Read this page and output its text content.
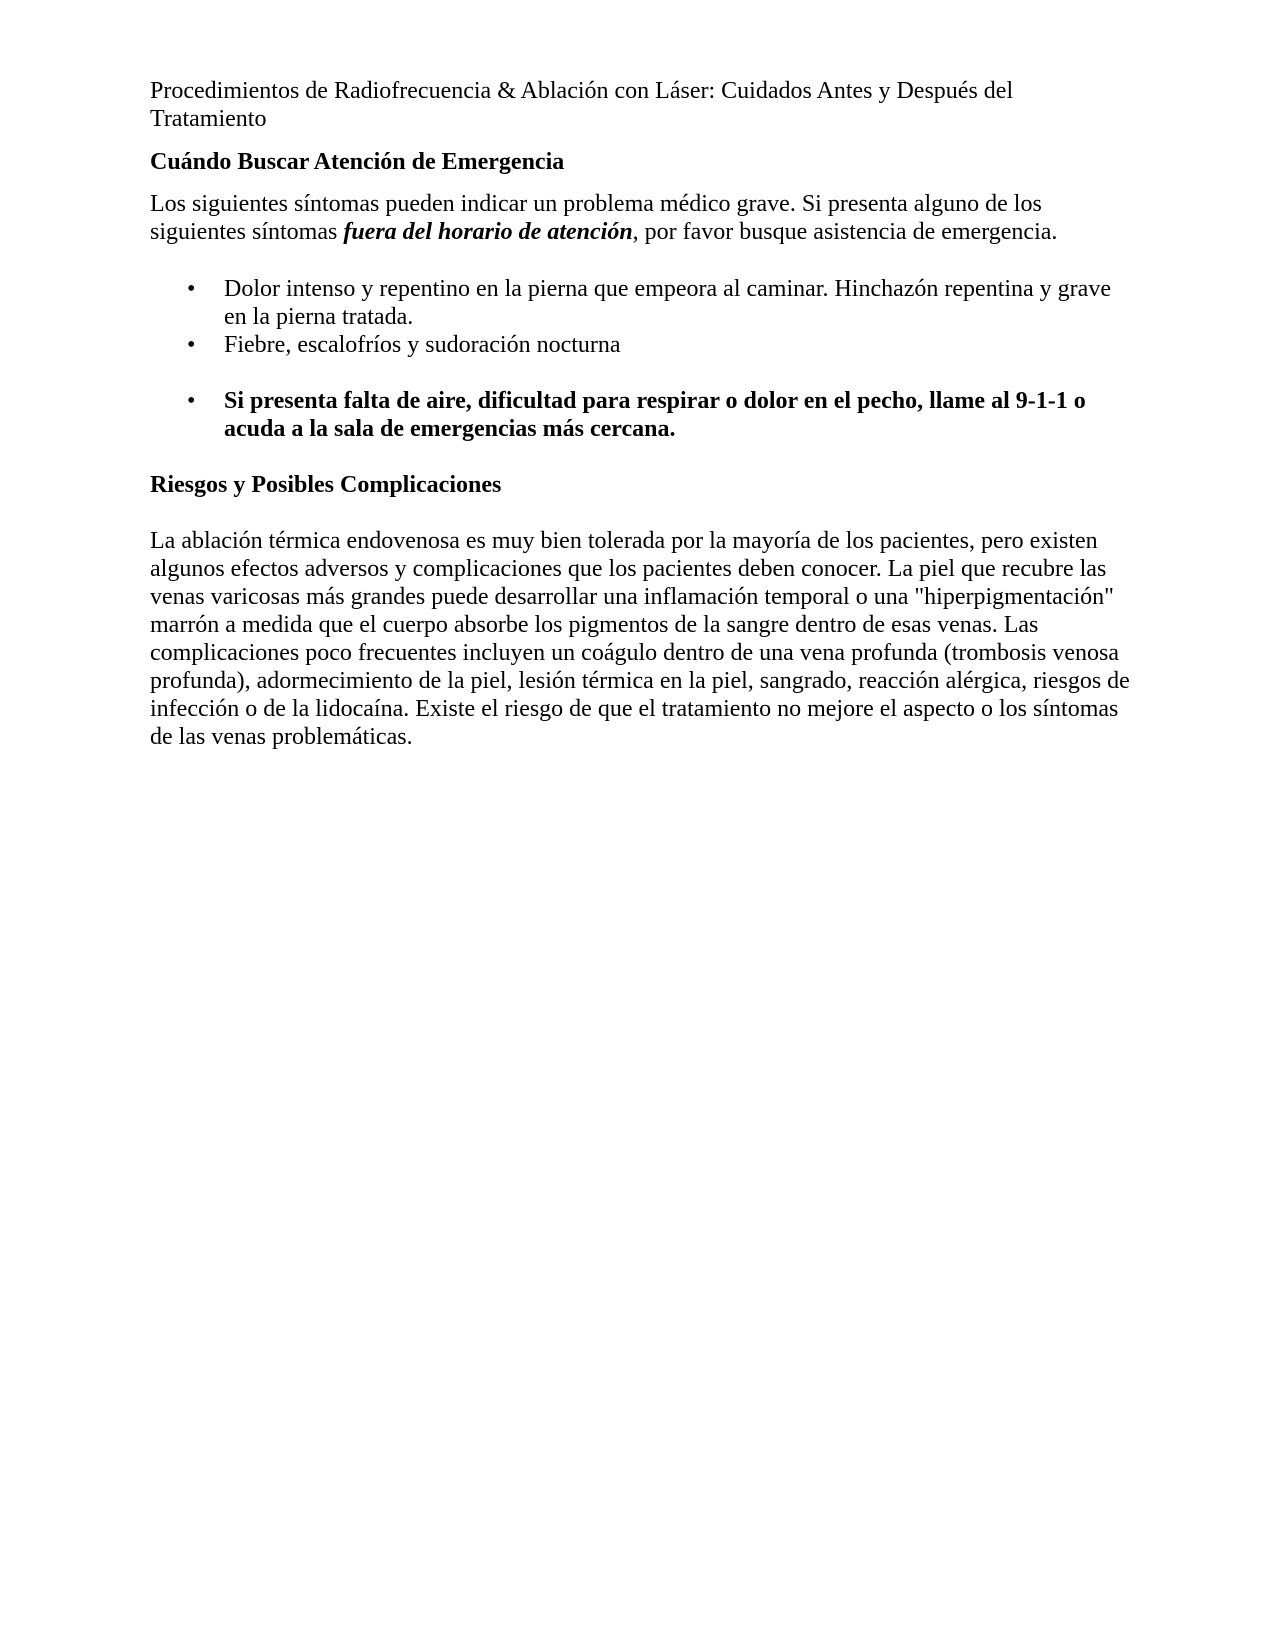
Procedimientos de Radiofrecuencia & Ablación con Láser: Cuidados Antes y Después del Tratamiento

Cuándo Buscar Atención de Emergencia

Los siguientes síntomas pueden indicar un problema médico grave. Si presenta alguno de los siguientes síntomas fuera del horario de atención, por favor busque asistencia de emergencia.

• Dolor intenso y repentino en la pierna que empeora al caminar. Hinchazón repentina y grave en la pierna tratada.
• Fiebre, escalofríos y sudoración nocturna
• Si presenta falta de aire, dificultad para respirar o dolor en el pecho, llame al 9-1-1 o acuda a la sala de emergencias más cercana.

Riesgos y Posibles Complicaciones

La ablación térmica endovenosa es muy bien tolerada por la mayoría de los pacientes, pero existen algunos efectos adversos y complicaciones que los pacientes deben conocer. La piel que recubre las venas varicosas más grandes puede desarrollar una inflamación temporal o una "hiperpigmentación" marrón a medida que el cuerpo absorbe los pigmentos de la sangre dentro de esas venas. Las complicaciones poco frecuentes incluyen un coágulo dentro de una vena profunda (trombosis venosa profunda), adormecimiento de la piel, lesión térmica en la piel, sangrado, reacción alérgica, riesgos de infección o de la lidocaína. Existe el riesgo de que el tratamiento no mejore el aspecto o los síntomas de las venas problemáticas.
